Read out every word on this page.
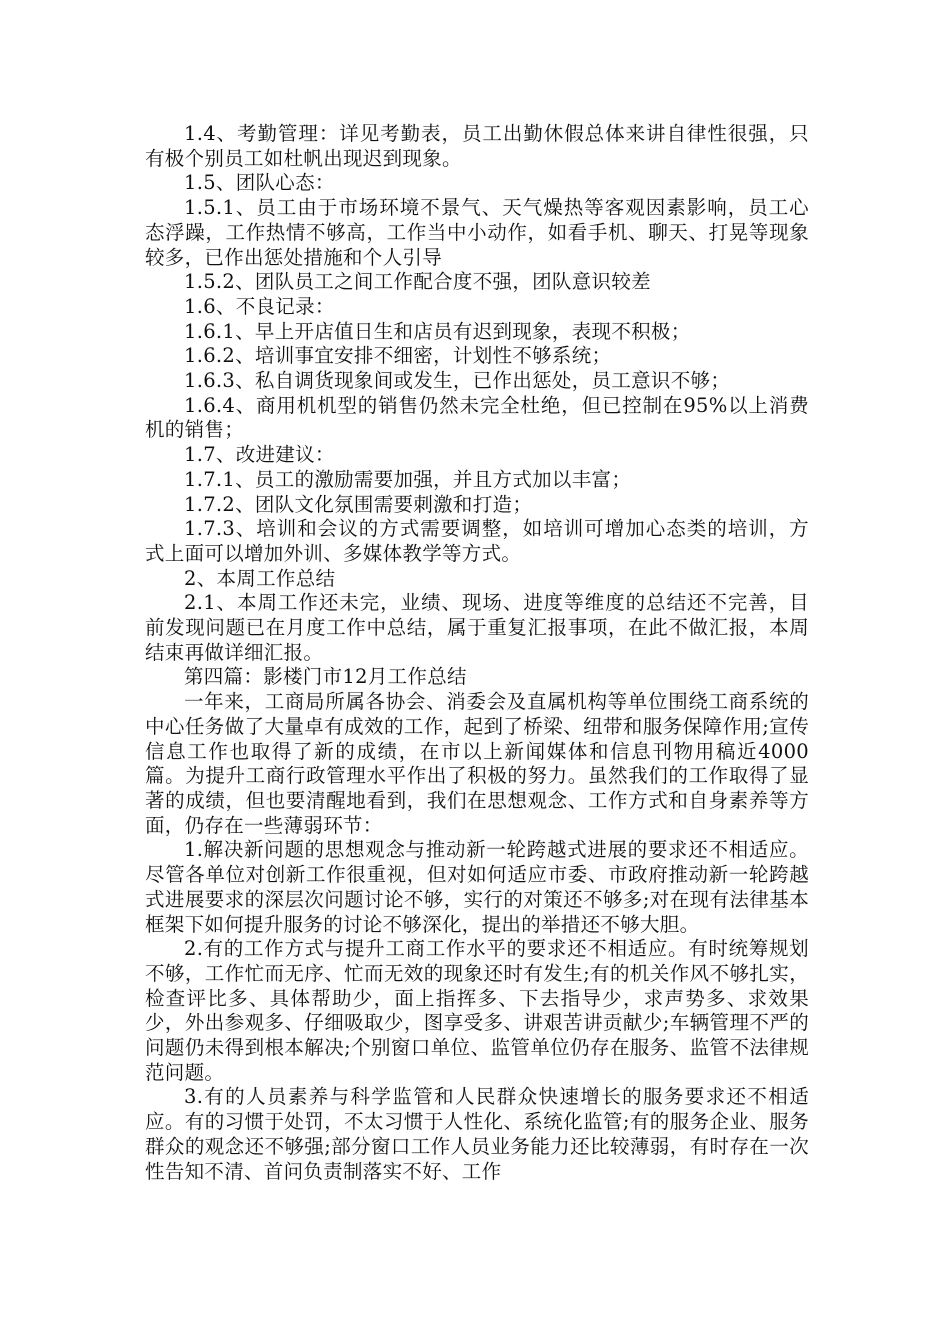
1.4、考勤管理：详见考勤表，员工出勤休假总体来讲自律性很强，只有极个别员工如杜帆出现迟到现象。

1.5、团队心态：

1.5.1、员工由于市场环境不景气、天气燥热等客观因素影响，员工心态浮躁，工作热情不够高，工作当中小动作，如看手机、聊天、打晃等现象较多，已作出惩处措施和个人引导

1.5.2、团队员工之间工作配合度不强，团队意识较差

1.6、不良记录：

1.6.1、早上开店值日生和店员有迟到现象，表现不积极；

1.6.2、培训事宜安排不细密，计划性不够系统；

1.6.3、私自调货现象间或发生，已作出惩处，员工意识不够；

1.6.4、商用机机型的销售仍然未完全杜绝，但已控制在95%以上消费机的销售；

1.7、改进建议：

1.7.1、员工的激励需要加强，并且方式加以丰富；

1.7.2、团队文化氛围需要刺激和打造；

1.7.3、培训和会议的方式需要调整，如培训可增加心态类的培训，方式上面可以增加外训、多媒体教学等方式。

2、本周工作总结

2.1、本周工作还未完，业绩、现场、进度等维度的总结还不完善，目前发现问题已在月度工作中总结，属于重复汇报事项，在此不做汇报，本周结束再做详细汇报。

第四篇：影楼门市12月工作总结

一年来，工商局所属各协会、消委会及直属机构等单位围绕工商系统的中心任务做了大量卓有成效的工作，起到了桥梁、纽带和服务保障作用;宣传信息工作也取得了新的成绩，在市以上新闻媒体和信息刊物用稿近4000篇。为提升工商行政管理水平作出了积极的努力。虽然我们的工作取得了显著的成绩，但也要清醒地看到，我们在思想观念、工作方式和自身素养等方面，仍存在一些薄弱环节：

1.解决新问题的思想观念与推动新一轮跨越式进展的要求还不相适应。尽管各单位对创新工作很重视，但对如何适应市委、市政府推动新一轮跨越式进展要求的深层次问题讨论不够，实行的对策还不够多;对在现有法律基本框架下如何提升服务的讨论不够深化，提出的举措还不够大胆。

2.有的工作方式与提升工商工作水平的要求还不相适应。有时统筹规划不够，工作忙而无序、忙而无效的现象还时有发生;有的机关作风不够扎实，检查评比多、具体帮助少，面上指挥多、下去指导少，求声势多、求效果少，外出参观多、仔细吸取少，图享受多、讲艰苦讲贡献少;车辆管理不严的问题仍未得到根本解决;个别窗口单位、监管单位仍存在服务、监管不法律规范问题。

3.有的人员素养与科学监管和人民群众快速增长的服务要求还不相适应。有的习惯于处罚，不太习惯于人性化、系统化监管;有的服务企业、服务群众的观念还不够强;部分窗口工作人员业务能力还比较薄弱，有时存在一次性告知不清、首问负责制落实不好、工作
